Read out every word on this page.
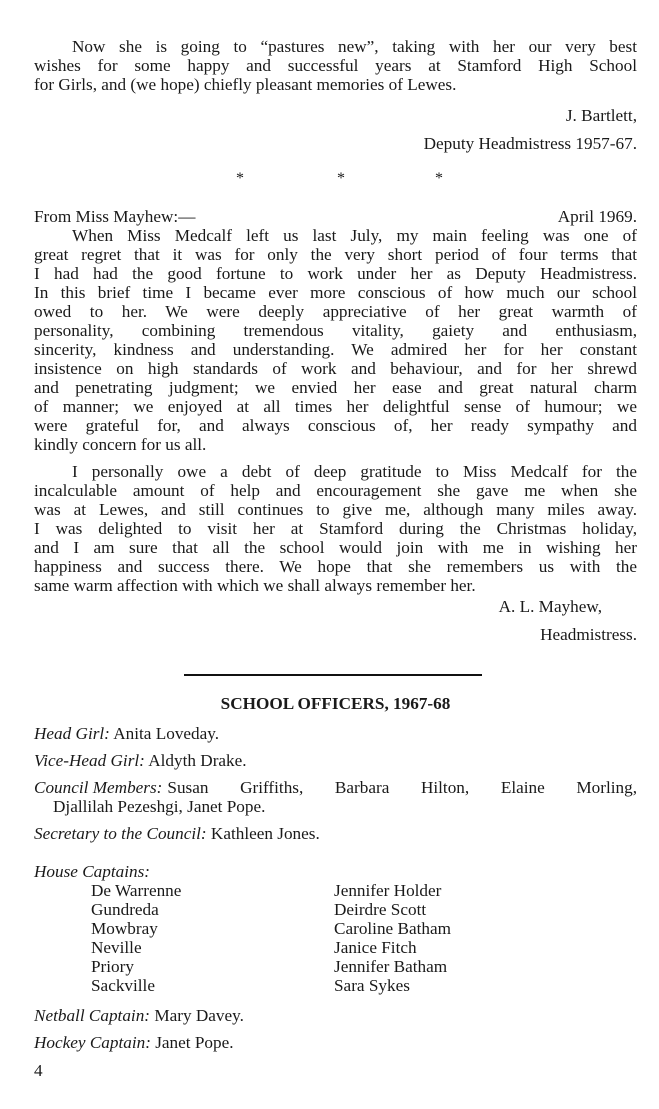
Now she is going to “pastures new”, taking with her our very best
wishes for some happy and successful years at Stamford High School
for Girls, and (we hope) chiefly pleasant memories of Lewes.
J. Bartlett,
Deputy Headmistress 1957-67.
*	*	*
From Miss Mayhew:—	April 1969.
When Miss Medcalf left us last July, my main feeling was one of
great regret that it was for only the very short period of four terms that
I had had the good fortune to work under her as Deputy Headmistress.
In this brief time I became ever more conscious of how much our school
owed to her. We were deeply appreciative of her great warmth of
personality, combining tremendous vitality, gaiety and enthusiasm,
sincerity, kindness and understanding. We admired her for her constant
insistence on high standards of work and behaviour, and for her shrewd
and penetrating judgment; we envied her ease and great natural charm
of manner; we enjoyed at all times her delightful sense of humour; we
were grateful for, and always conscious of, her ready sympathy and
kindly concern for us all.
I personally owe a debt of deep gratitude to Miss Medcalf for the
incalculable amount of help and encouragement she gave me when she
was at Lewes, and still continues to give me, although many miles away.
I was delighted to visit her at Stamford during the Christmas holiday,
and I am sure that all the school would join with me in wishing her
happiness and success there. We hope that she remembers us with the
same warm affection with which we shall always remember her.
A. L. Mayhew,
Headmistress.
SCHOOL OFFICERS, 1967-68
Head Girl: Anita Loveday.
Vice-Head Girl: Aldyth Drake.
Council Members: Susan Griffiths, Barbara Hilton, Elaine Morling,
Djallilah Pezeshgi, Janet Pope.
Secretary to the Council: Kathleen Jones.
House Captains:
De Warrenne	Jennifer Holder
Gundreda	Deirdre Scott
Mowbray	Caroline Batham
Neville	Janice Fitch
Priory	Jennifer Batham
Sackville	Sara Sykes
Netball Captain: Mary Davey.
Hockey Captain: Janet Pope.
4
